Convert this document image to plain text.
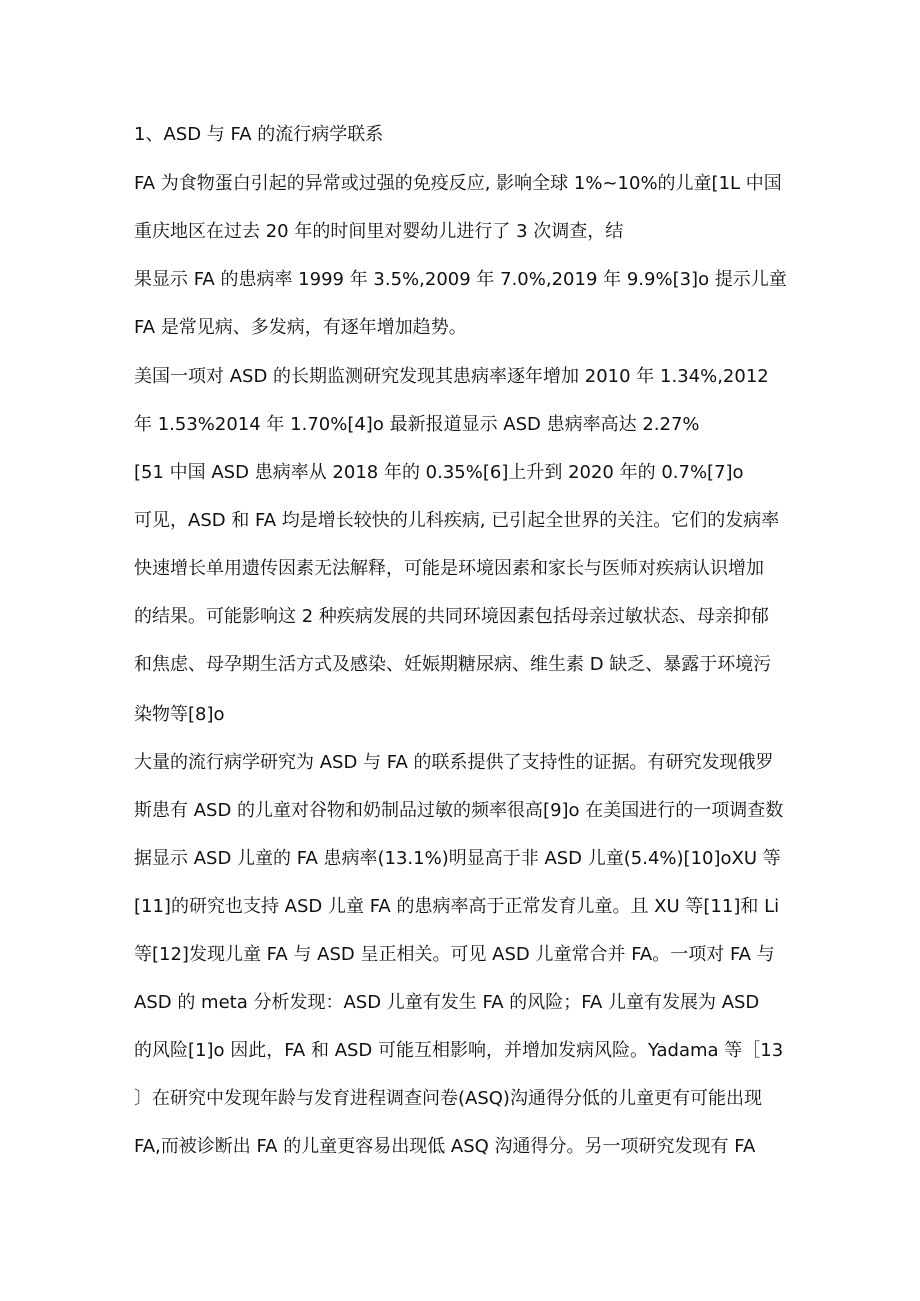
1、ASD 与 FA 的流行病学联系
FA 为食物蛋白引起的异常或过强的免疫反应, 影响全球 1%~10%的儿童[1L 中国
重庆地区在过去 20 年的时间里对婴幼儿进行了 3 次调查，结
果显示 FA 的患病率 1999 年 3.5%,2009 年 7.0%,2019 年 9.9%[3]o 提示儿童
FA 是常见病、多发病，有逐年增加趋势。
美国一项对 ASD 的长期监测研究发现其患病率逐年增加 2010 年 1.34%,2012
年 1.53%2014 年 1.70%[4]o 最新报道显示 ASD 患病率高达 2.27%
[51 中国 ASD 患病率从 2018 年的 0.35%[6]上升到 2020 年的 0.7%[7]o
可见，ASD 和 FA 均是增长较快的儿科疾病, 已引起全世界的关注。它们的发病率
快速增长单用遗传因素无法解释，可能是环境因素和家长与医师对疾病认识增加
的结果。可能影响这 2 种疾病发展的共同环境因素包括母亲过敏状态、母亲抑郁
和焦虑、母孕期生活方式及感染、妊娠期糖尿病、维生素 D 缺乏、暴露于环境污
染物等[8]o
大量的流行病学研究为 ASD 与 FA 的联系提供了支持性的证据。有研究发现俄罗
斯患有 ASD 的儿童对谷物和奶制品过敏的频率很高[9]o 在美国进行的一项调查数
据显示 ASD 儿童的 FA 患病率(13.1%)明显高于非 ASD 儿童(5.4%)[10]oXU 等
[11]的研究也支持 ASD 儿童 FA 的患病率高于正常发育儿童。且 XU 等[11]和 Li
等[12]发现儿童 FA 与 ASD 呈正相关。可见 ASD 儿童常合并 FA。一项对 FA 与
ASD 的 meta 分析发现：ASD 儿童有发生 FA 的风险；FA 儿童有发展为 ASD
的风险[1]o 因此，FA 和 ASD 可能互相影响，并增加发病风险。Yadama 等［13
〕在研究中发现年龄与发育进程调查问卷(ASQ)沟通得分低的儿童更有可能出现
FA,而被诊断出 FA 的儿童更容易出现低 ASQ 沟通得分。另一项研究发现有 FA
